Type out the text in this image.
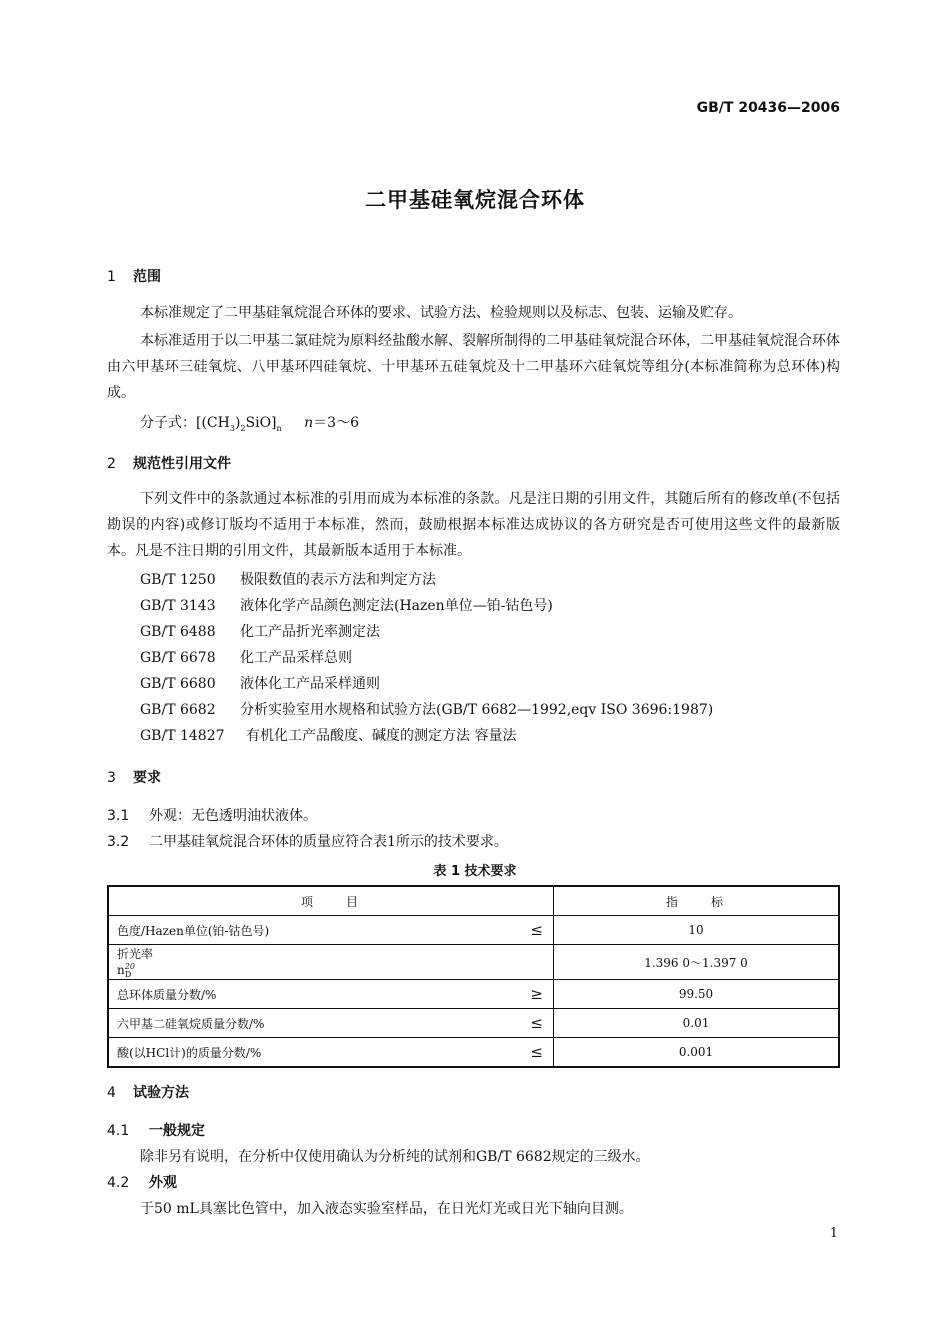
GB/T 20436—2006
二甲基硅氧烷混合环体
1 范围

本标准规定了二甲基硅氧烷混合环体的要求、试验方法、检验规则以及标志、包装、运输及贮存。

本标准适用于以二甲基二氯硅烷为原料经盐酸水解、裂解所制得的二甲基硅氧烷混合环体，二甲基硅氧烷混合环体由六甲基环三硅氧烷、八甲基环四硅氧烷、十甲基环五硅氧烷及十二甲基环六硅氧烷等组分(本标准简称为总环体)构成。

分子式：$[(CH_3)_2SiO]_n$ n＝3～6
2 规范性引用文件

下列文件中的条款通过本标准的引用而成为本标准的条款。凡是注日期的引用文件，其随后所有的修改单(不包括勘误的内容)或修订版均不适用于本标准，然而，鼓励根据本标准达成协议的各方研究是否可使用这些文件的最新版本。凡是不注日期的引用文件，其最新版本适用于本标准。

GB/T 1250 极限数值的表示方法和判定方法
GB/T 3143 液体化学产品颜色测定法(Hazen单位—铂-钴色号)
GB/T 6488 化工产品折光率测定法
GB/T 6678 化工产品采样总则
GB/T 6680 液体化工产品采样通则
GB/T 6682 分析实验室用水规格和试验方法(GB/T 6682—1992,eqv ISO 3696:1987)
GB/T 14827 有机化工产品酸度、碱度的测定方法 容量法
3 要求
3.1 外观：无色透明油状液体。
3.2 二甲基硅氧烷混合环体的质量应符合表1所示的技术要求。
表 1 技术要求
项　　目	指　　标

色度/Hazen单位(铂-钴色号) ≤	10

折光率 $n^{20}_D$	1.396 0～1.397 0

总环体质量分数/% ≥	99.50

六甲基二硅氧烷质量分数/% ≤	0.01

酸(以HCl计)的质量分数/% ≤	0.001
4 试验方法
4.1 一般规定
除非另有说明，在分析中仅使用确认为分析纯的试剂和GB/T 6682规定的三级水。
4.2 外观
于50 mL具塞比色管中，加入液态实验室样品，在日光灯光或日光下轴向目测。
1
